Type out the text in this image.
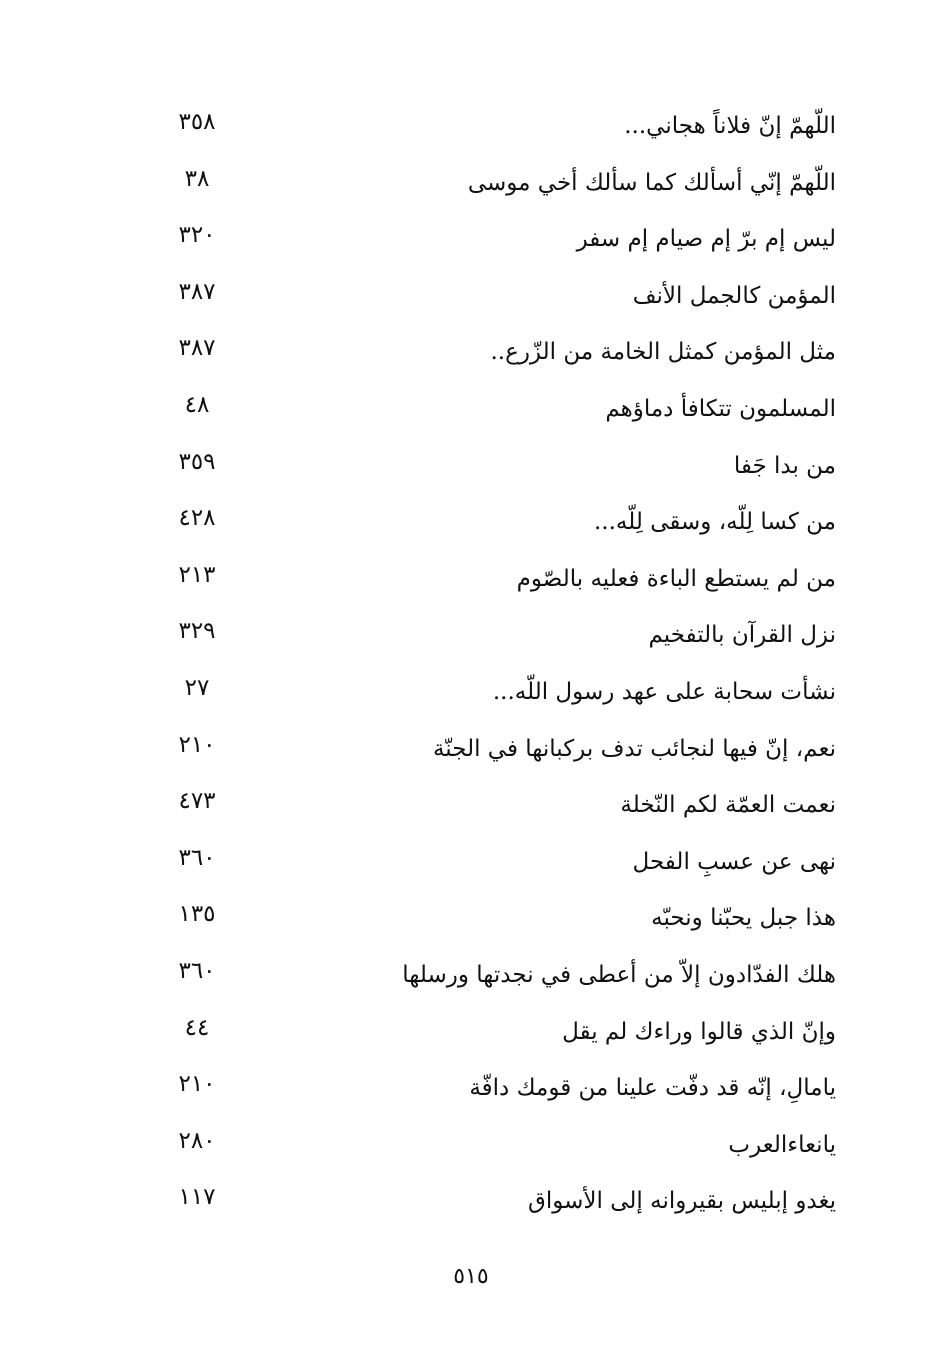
اللّهمّ إنّ فلاناً هجاني...
٣٥٨
اللّهمّ إنّي أسألك كما سألك أخي موسى
٣٨
ليس إم برّ إم صيام إم سفر
٣٢٠
المؤمن كالجمل الأنف
٣٨٧
مثل المؤمن كمثل الخامة من الزّرع..
٣٨٧
المسلمون تتكافأ دماؤهم
٤٨
من بدا جَفا
٣٥٩
من كسا لِلّه، وسقى لِلّه...
٤٢٨
من لم يستطع الباءة فعليه بالصّوم
٢١٣
نزل القرآن بالتفخيم
٣٢٩
نشأت سحابة على عهد رسول اللّه...
٢٧
نعم، إنّ فيها لنجائب تدف بركبانها في الجنّة
٢١٠
نعمت العمّة لكم النّخلة
٤٧٣
نهى عن عسبِ الفحل
٣٦٠
هذا جبل يحبّنا ونحبّه
١٣٥
هلك الفدّادون إلاّ من أعطى في نجدتها ورسلها
٣٦٠
وإنّ الذي قالوا وراءك لم يقل
٤٤
يامالِ، إنّه قد دفّت علينا من قومك دافّة
٢١٠
يانعاءالعرب
٢٨٠
يغدو إبليس بقيروانه إلى الأسواق
١١٧
٥١٥
